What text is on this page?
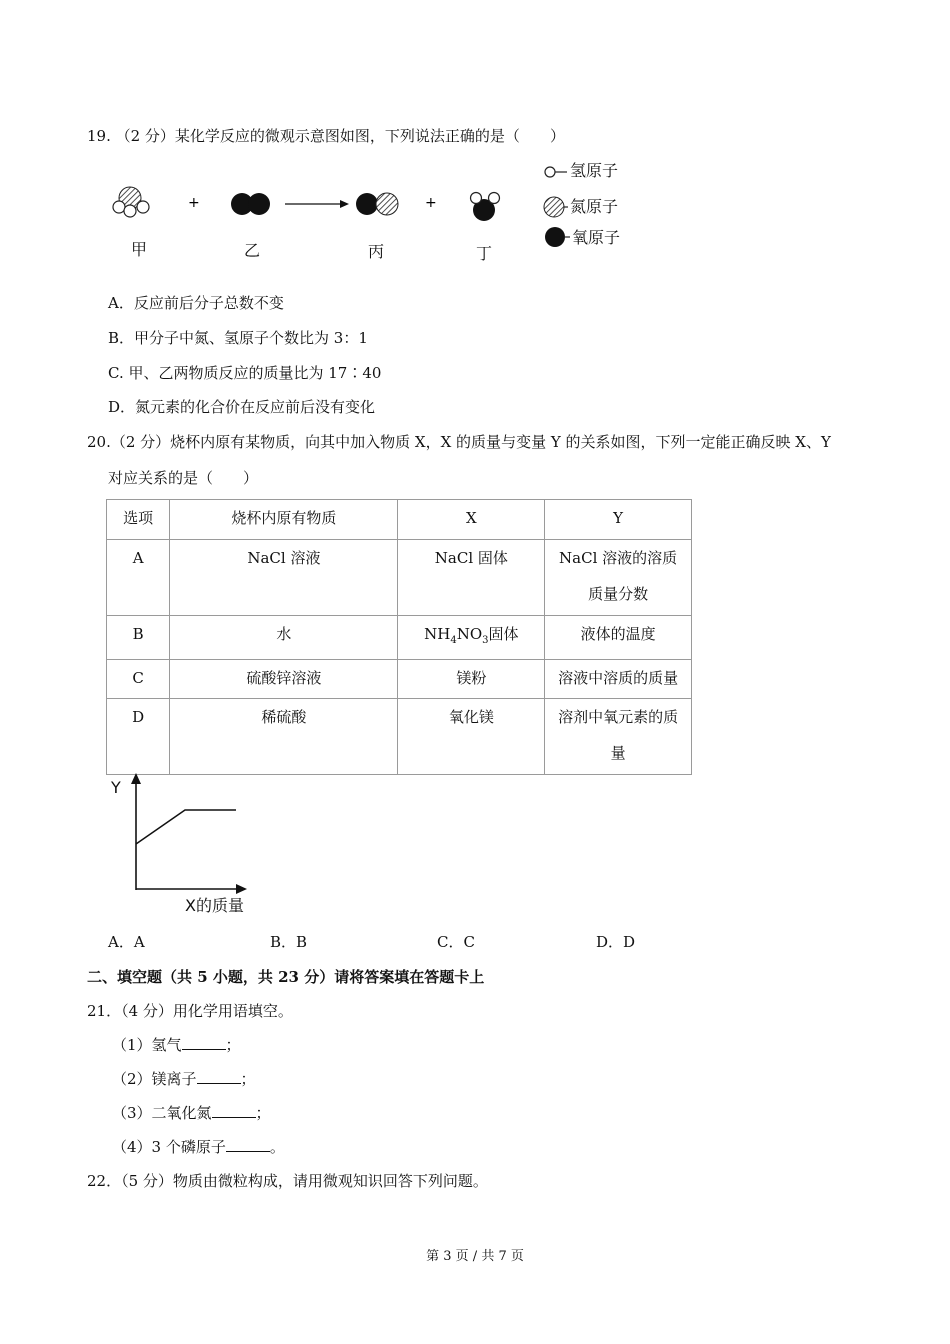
19. （2 分）某化学反应的微观示意图如图，下列说法正确的是（　　）
+	+
氢原子
氮原子
氧原子
甲	乙	丙	丁
A．反应前后分子总数不变
B．甲分子中氮、氢原子个数比为 3：1
C. 甲、乙两物质反应的质量比为 17∶40
D．氮元素的化合价在反应前后没有变化
20.（2 分）烧杯内原有某物质，向其中加入物质 X，X 的质量与变量 Y 的关系如图，下列一定能正确反映 X、Y
对应关系的是（　　）
选项	烧杯内原有物质	X	Y
A	NaCl 溶液	NaCl 固体	NaCl 溶液的溶质
质量分数

B	水	$NH_4NO_3$固体	液体的温度
C	硫酸锌溶液	镁粉	溶液中溶质的质量
D	稀硫酸	氧化镁	溶剂中氧元素的质
量
Y
X的质量
A．A	B．B	C．C	D．D
二、填空题（共 5 小题，共 23 分）请将答案填在答题卡上
21．（4 分）用化学用语填空。
（1）氢气	；
（2）镁离子	；
（3）二氧化氮	；
（4）3 个磷原子	。
22．（5 分）物质由微粒构成，请用微观知识回答下列问题。
第 3 页 / 共 7 页
